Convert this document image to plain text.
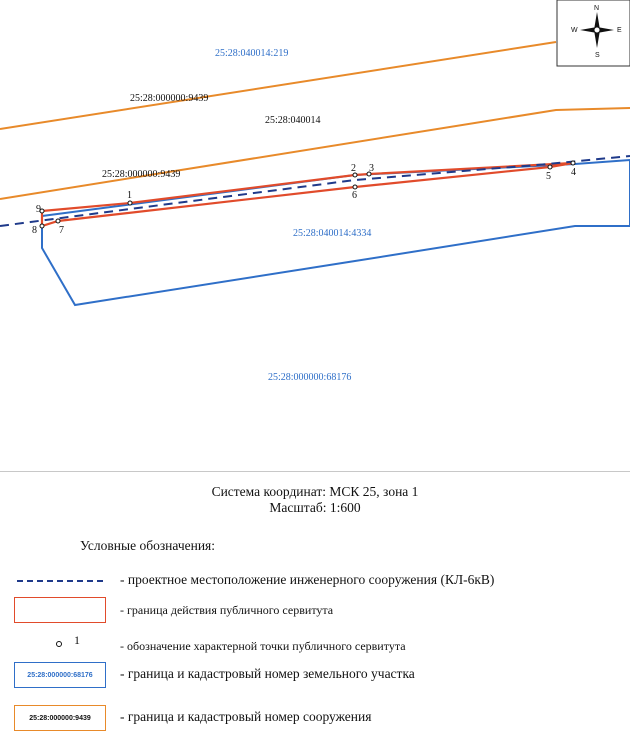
1
2 3	4
5
6
7
8
9
25:28:040014:219
25:28:000000:9439
25:28:040014
25:28:000000:9439
25:28:040014:4334
25:28:000000:68176
N
S
W	E
Система координат: МСК 25, зона 1
Масштаб: 1:600
Условные обозначения:
- проектное местоположение инженерного сооружения (КЛ-6кВ)
- граница действия публичного сервитута
1	- обозначение характерной точки публичного сервитута
25:28:000000:68176	- граница и кадастровый номер земельного участка
25:28:000000:9439	- граница и кадастровый номер сооружения
